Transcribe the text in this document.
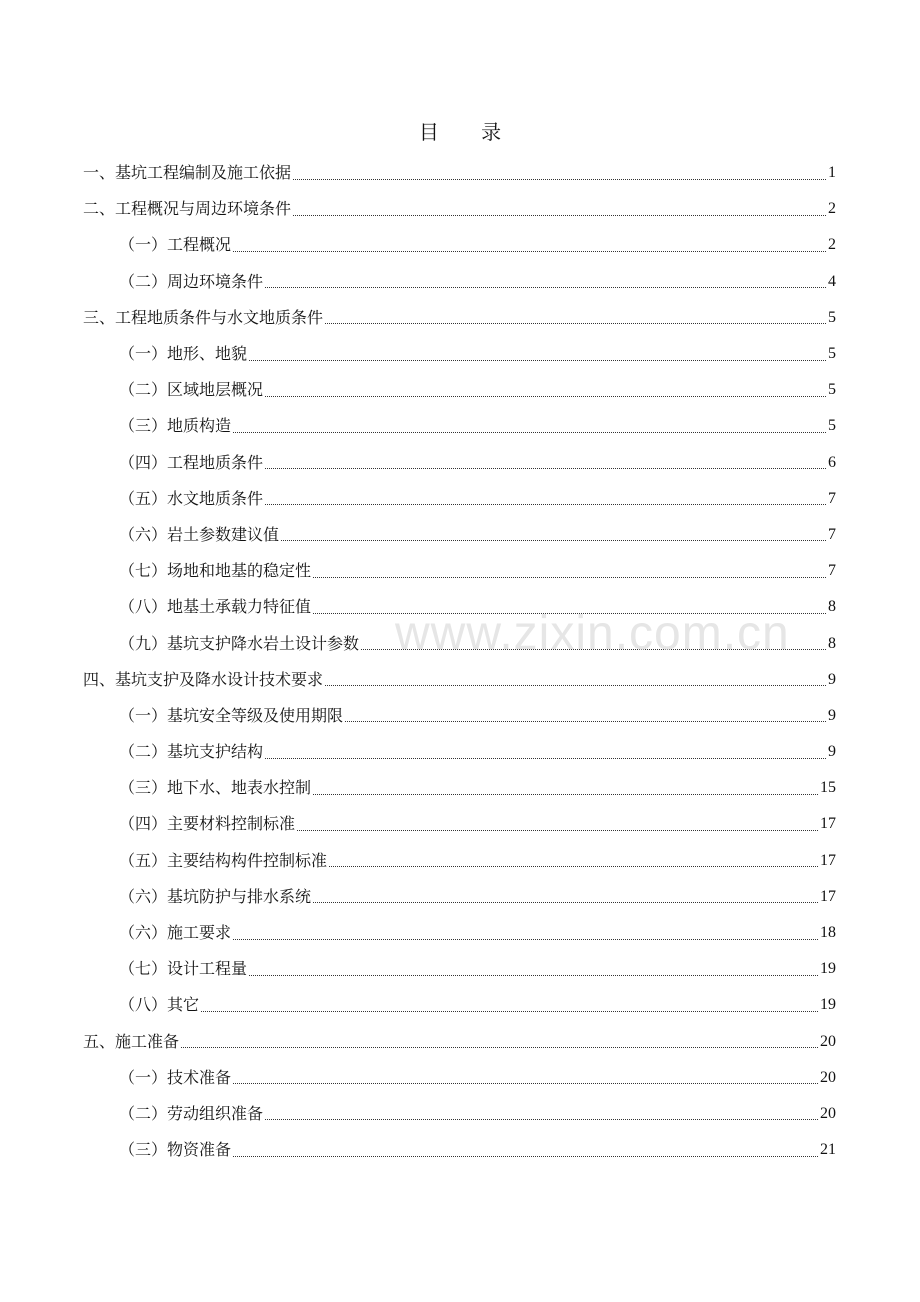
目 录
一、基坑工程编制及施工依据	1
二、工程概况与周边环境条件	2
（一）工程概况	2
（二）周边环境条件	4
三、工程地质条件与水文地质条件	5
（一）地形、地貌	5
（二）区域地层概况	5
（三）地质构造	5
（四）工程地质条件	6
（五）水文地质条件	7
（六）岩土参数建议值	7
（七）场地和地基的稳定性	7
（八）地基土承载力特征值	8
（九）基坑支护降水岩土设计参数	8
四、基坑支护及降水设计技术要求	9
（一）基坑安全等级及使用期限	9
（二）基坑支护结构	9
（三）地下水、地表水控制	15
（四）主要材料控制标准	17
（五）主要结构构件控制标准	17
（六）基坑防护与排水系统	17
（六）施工要求	18
（七）设计工程量	19
（八）其它	19
五、施工准备	20
（一）技术准备	20
（二）劳动组织准备	20
（三）物资准备	21
www.zixin.com.cn
